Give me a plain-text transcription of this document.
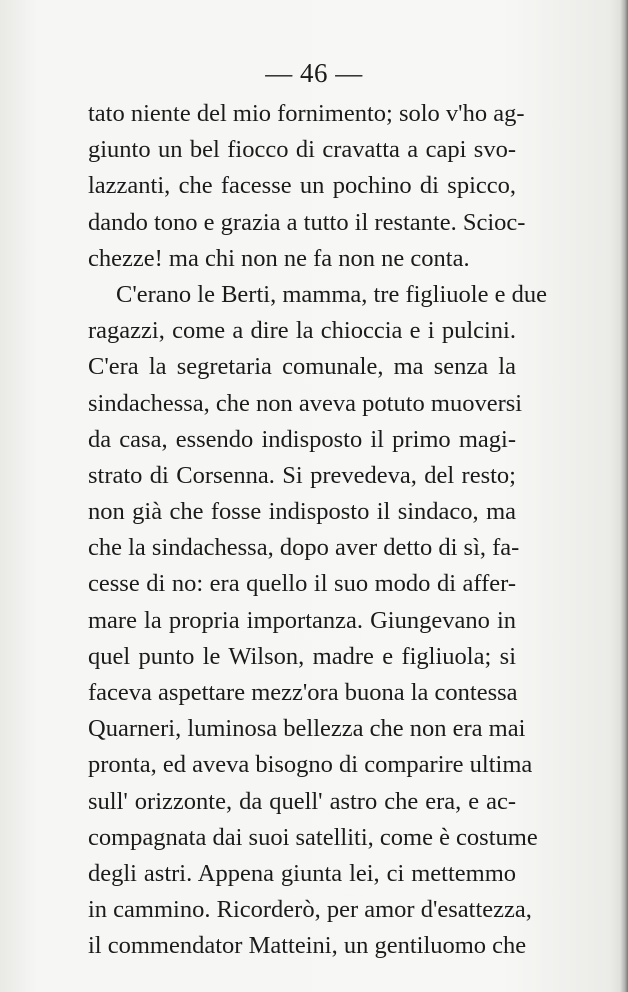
— 46 —
tato niente del mio fornimento; solo v'ho ag-
giunto un bel fiocco di cravatta a capi svo-
lazzanti, che facesse un pochino di spicco,
dando tono e grazia a tutto il restante. Scioc-
chezze! ma chi non ne fa non ne conta.
C'erano le Berti, mamma, tre figliuole e due
ragazzi, come a dire la chioccia e i pulcini.
C'era la segretaria comunale, ma senza la
sindachessa, che non aveva potuto muoversi
da casa, essendo indisposto il primo magi-
strato di Corsenna. Si prevedeva, del resto;
non già che fosse indisposto il sindaco, ma
che la sindachessa, dopo aver detto di sì, fa-
cesse di no: era quello il suo modo di affer-
mare la propria importanza. Giungevano in
quel punto le Wilson, madre e figliuola; si
faceva aspettare mezz'ora buona la contessa
Quarneri, luminosa bellezza che non era mai
pronta, ed aveva bisogno di comparire ultima
sull' orizzonte, da quell' astro che era, e ac-
compagnata dai suoi satelliti, come è costume
degli astri. Appena giunta lei, ci mettemmo
in cammino. Ricorderò, per amor d'esattezza,
il commendator Matteini, un gentiluomo che
